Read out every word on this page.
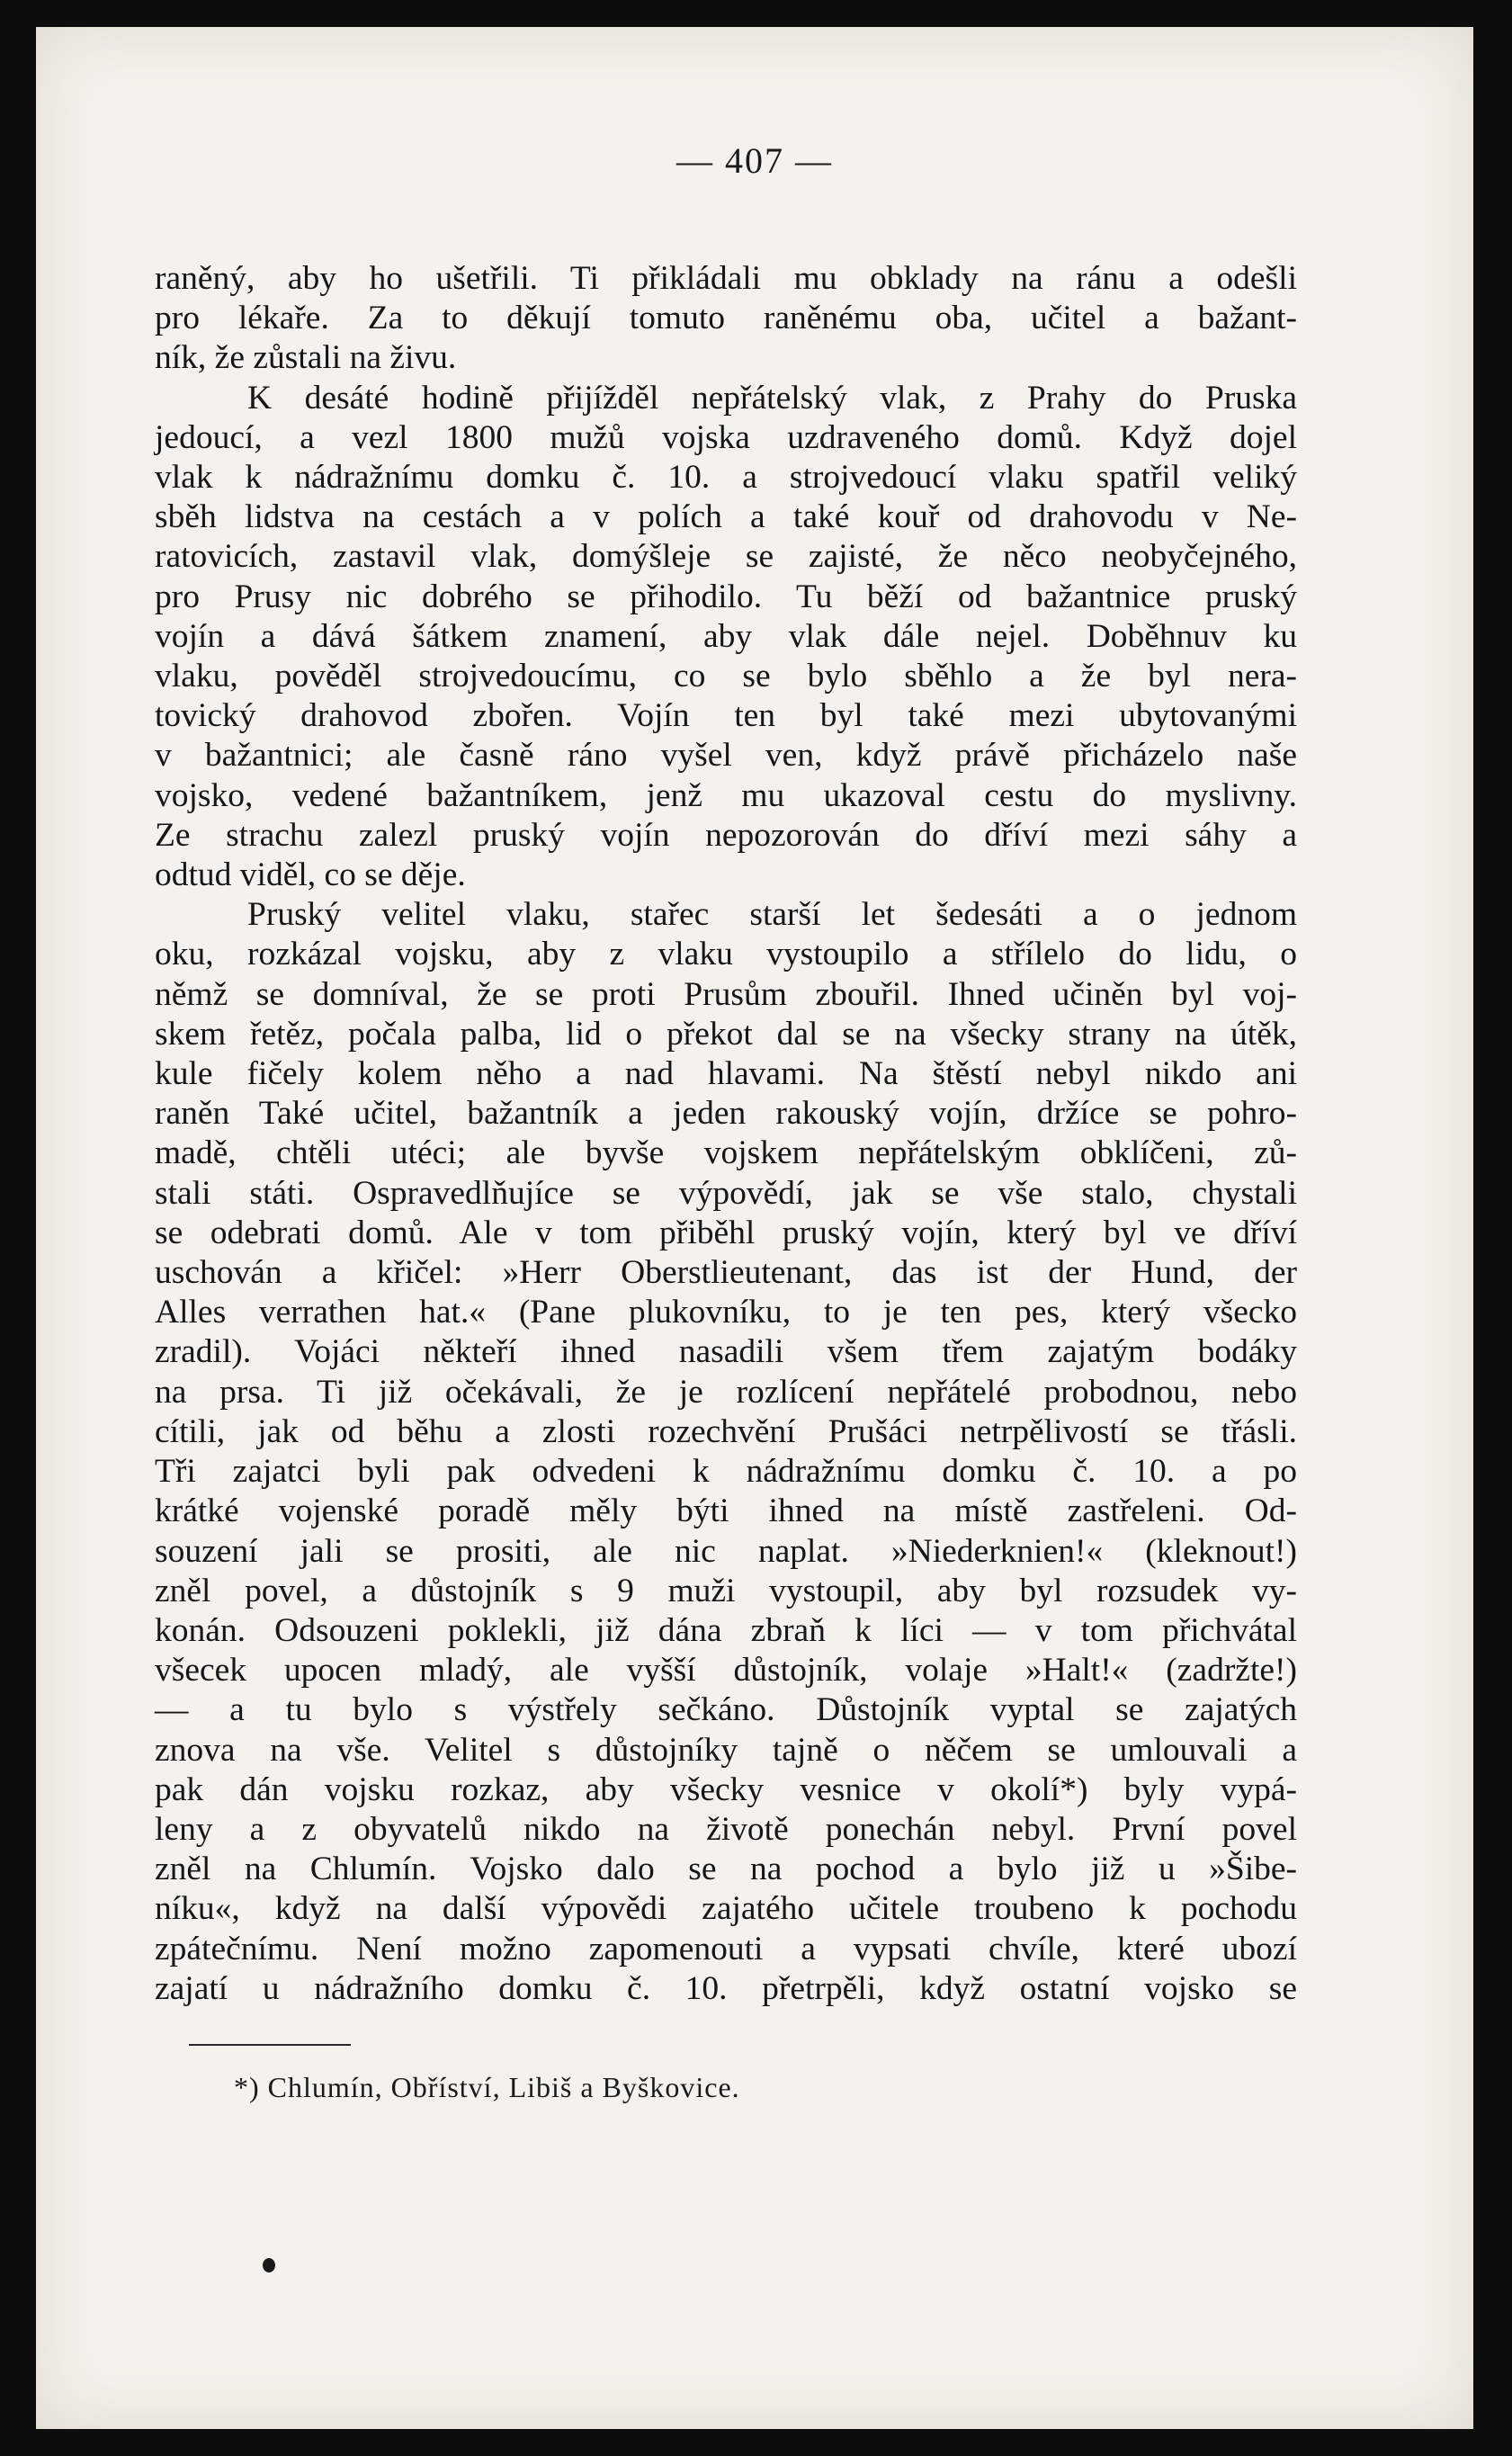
— 407 —

raněný, aby ho ušetřili. Ti přikládali mu obklady na ránu a odešli
pro lékaře. Za to děkují tomuto raněnému oba, učitel a bažant-
ník, že zůstali na živu.

K desáté hodině přijížděl nepřátelský vlak, z Prahy do Pruska
jedoucí, a vezl 1800 mužů vojska uzdraveného domů. Když dojel
vlak k nádražnímu domku č. 10. a strojvedoucí vlaku spatřil veliký
sběh lidstva na cestách a v polích a také kouř od drahovodu v Ne-
ratovicích, zastavil vlak, domýšleje se zajisté, že něco neobyčejného,
pro Prusy nic dobrého se přihodilo. Tu běží od bažantnice pruský
vojín a dává šátkem znamení, aby vlak dále nejel. Doběhnuv ku
vlaku, pověděl strojvedoucímu, co se bylo sběhlo a že byl nera-
tovický drahovod zbořen. Vojín ten byl také mezi ubytovanými
v bažantnici; ale časně ráno vyšel ven, když právě přicházelo naše
vojsko, vedené bažantníkem, jenž mu ukazoval cestu do myslivny.
Ze strachu zalezl pruský vojín nepozorován do dříví mezi sáhy a
odtud viděl, co se děje.

Pruský velitel vlaku, stařec starší let šedesáti a o jednom
oku, rozkázal vojsku, aby z vlaku vystoupilo a střílelo do lidu, o
němž se domníval, že se proti Prusům zbouřil. Ihned učiněn byl voj-
skem řetěz, počala palba, lid o překot dal se na všecky strany na útěk,
kule fičely kolem něho a nad hlavami. Na štěstí nebyl nikdo ani
raněn Také učitel, bažantník a jeden rakouský vojín, držíce se pohro-
madě, chtěli utéci; ale byvše vojskem nepřátelským obklíčeni, zů-
stali státi. Ospravedlňujíce se výpovědí, jak se vše stalo, chystali
se odebrati domů. Ale v tom přiběhl pruský vojín, který byl ve dříví
uschován a křičel: »Herr Oberstlieutenant, das ist der Hund, der
Alles verrathen hat.« (Pane plukovníku, to je ten pes, který všecko
zradil). Vojáci někteří ihned nasadili všem třem zajatým bodáky
na prsa. Ti již očekávali, že je rozlícení nepřátelé probodnou, nebo
cítili, jak od běhu a zlosti rozechvění Prušáci netrpělivostí se třásli.
Tři zajatci byli pak odvedeni k nádražnímu domku č. 10. a po
krátké vojenské poradě měly býti ihned na místě zastřeleni. Od-
souzení jali se prositi, ale nic naplat. »Niederknien!« (kleknout!)
zněl povel, a důstojník s 9 muži vystoupil, aby byl rozsudek vy-
konán. Odsouzeni poklekli, již dána zbraň k líci — v tom přichvátal
všecek upocen mladý, ale vyšší důstojník, volaje »Halt!« (zadržte!)
— a tu bylo s výstřely sečkáno. Důstojník vyptal se zajatých
znova na vše. Velitel s důstojníky tajně o něčem se umlouvali a
pak dán vojsku rozkaz, aby všecky vesnice v okolí*) byly vypá-
leny a z obyvatelů nikdo na životě ponechán nebyl. První povel
zněl na Chlumín. Vojsko dalo se na pochod a bylo již u »Šibe-
níku«, když na další výpovědi zajatého učitele troubeno k pochodu
zpátečnímu. Není možno zapomenouti a vypsati chvíle, které ubozí
zajatí u nádražního domku č. 10. přetrpěli, když ostatní vojsko se

*) Chlumín, Obříství, Libiš a Byškovice.
